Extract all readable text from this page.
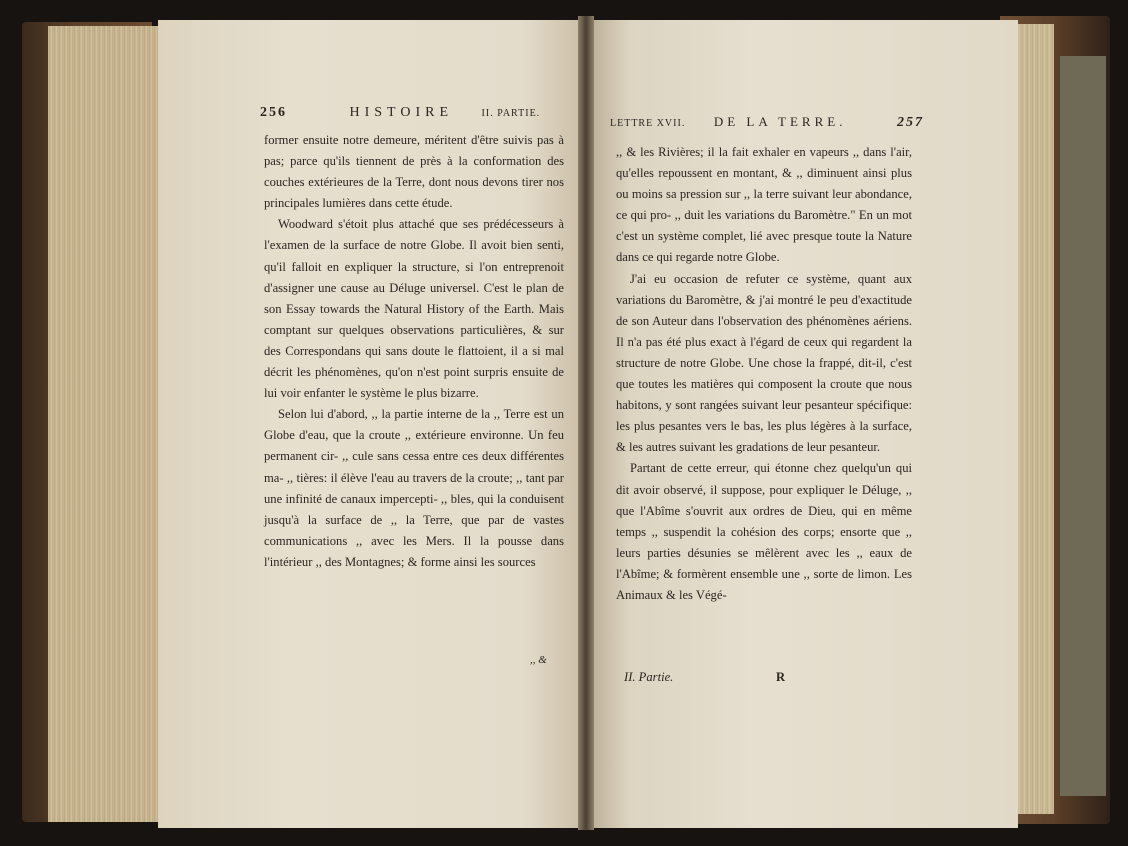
256	HISTOIRE	II. PARTIE.

former ensuite notre demeure, méritent d'être suivis pas à pas; parce qu'ils tiennent de près à la conformation des couches extérieures de la Terre, dont nous devons tirer nos principales lumières dans cette étude.

Woodward s'étoit plus attaché que ses prédécesseurs à l'examen de la surface de notre Globe. Il avoit bien senti, qu'il falloit en expliquer la structure, si l'on entreprenoit d'assigner une cause au Déluge universel. C'est le plan de son Essay towards the Natural History of the Earth. Mais comptant sur quelques observations particulières, & sur des Correspondans qui sans doute le flattoient, il a si mal décrit les phénomènes, qu'on n'est point surpris ensuite de lui voir enfanter le système le plus bizarre.

Selon lui d'abord, ,, la partie interne de la ,, Terre est un Globe d'eau, que la croute ,, extérieure environne. Un feu permanent cir- ,, cule sans cessa entre ces deux différentes ma- ,, tières: il élève l'eau au travers de la croute; ,, tant par une infinité de canaux impercepti- ,, bles, qui la conduisent jusqu'à la surface de ,, la Terre, que par de vastes communications ,, avec les Mers. Il la pousse dans l'intérieur ,, des Montagnes; & forme ainsi les sources

,, &
LETTRE XVII. DE LA TERRE.	257

,, & les Rivières; il la fait exhaler en vapeurs ,, dans l'air, qu'elles repoussent en montant, & ,, diminuent ainsi plus ou moins sa pression sur ,, la terre suivant leur abondance, ce qui pro- ,, duit les variations du Baromètre." En un mot c'est un système complet, lié avec presque toute la Nature dans ce qui regarde notre Globe.

J'ai eu occasion de refuter ce système, quant aux variations du Baromètre, & j'ai montré le peu d'exactitude de son Auteur dans l'observation des phénomènes aériens. Il n'a pas été plus exact à l'égard de ceux qui regardent la structure de notre Globe. Une chose la frappé, dit-il, c'est que toutes les matières qui composent la croute que nous habitons, y sont rangées suivant leur pesanteur spécifique: les plus pesantes vers le bas, les plus légères à la surface, & les autres suivant les gradations de leur pesanteur.

Partant de cette erreur, qui étonne chez quelqu'un qui dit avoir observé, il suppose, pour expliquer le Déluge, ,, que l'Abîme s'ouvrit aux ordres de Dieu, qui en même temps ,, suspendit la cohésion des corps; ensorte que ,, leurs parties désunies se mêlèrent avec les ,, eaux de l'Abîme; & formèrent ensemble une ,, sorte de limon. Les Animaux & les Végé-

II. Partie.	R
